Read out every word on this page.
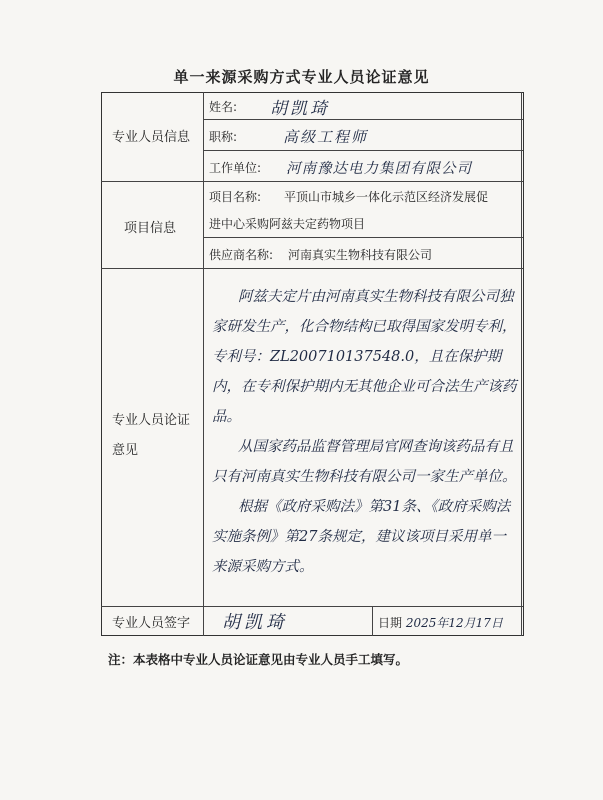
单一来源采购方式专业人员论证意见
专业人员信息
项目信息
专业人员论证意见
专业人员签字
姓名: 胡凯琦
职称:	高级工程师
工作单位: 河南豫达电力集团有限公司
项目名称: 平顶山市城乡一体化示范区经济发展促
进中心采购阿兹夫定药物项目
供应商名称: 河南真实生物科技有限公司

阿兹夫定片由河南真实生物科技有限公司独家研发生产，化合物结构已取得国家发明专利，专利号：ZL200710137548.0，且在保护期内，在专利保护期内无其他企业可合法生产该药品。

从国家药品监督管理局官网查询该药品有且只有河南真实生物科技有限公司一家生产单位。

根据《政府采购法》第31条、《政府采购法实施条例》第27条规定，建议该项目采用单一来源采购方式。

胡凯琦	日期 2025年12月17日
注：本表格中专业人员论证意见由专业人员手工填写。
